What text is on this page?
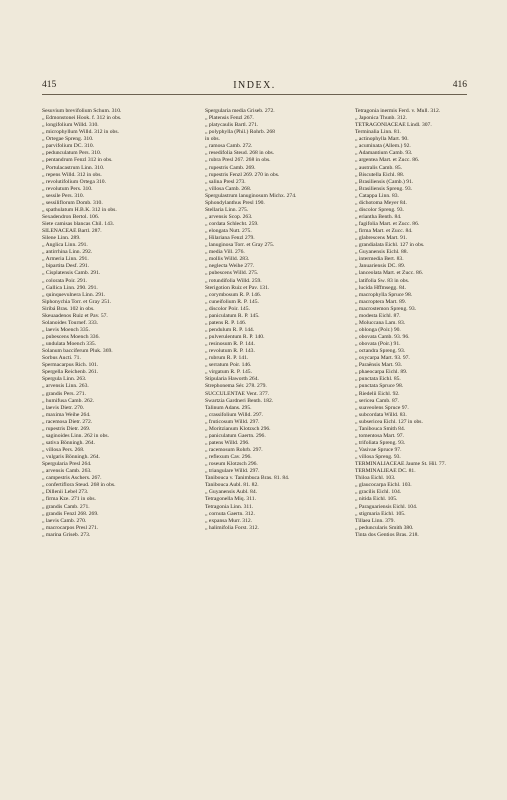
415	INDEX.	416
Sesuvium brevifolium Schum. 310.
„ Edmonstonei Hook. f. 312 in obs.
„ longifolium Willd. 310.
„ microphyllum Willd. 312 in obs.
„ Ortegae Spreng. 310.
„ parvifolium DC. 310.
„ pedunculatum Pers. 310.
„ pentandrum Fenzl 312 in obs.
„ Portulacastrum Linn. 310.
„ repens Willd. 312 in obs.
„ revolutifolium Ortega 310.
„ revolutum Pers. 310.
„ sessile Pers. 310.
„ sessiliflorum Domb. 310.
„ spathulatum H.B.K. 312 in obs.
Sexadendron Bertol. 106.
Siete camisas blancas Chil. 143.
SILENACEAE Bartl. 287.
Silene Linn. 289.
„ Anglica Linn. 291.
„ antirrhina Linn. 292.
„ Armeria Linn. 291.
„ bipartita Desf. 291.
„ Cisplatensis Camb. 291.
„ colorata Poir. 291.
„ Gallica Linn. 290. 291.
„ quinquevulnera Linn. 291.
Siphonychia Torr. et Gray 251.
Siribá Bras. 102 in obs.
Skeuaadenos Ruiz et Pav. 57.
Solanoides Tournef. 333.
„ laevis Moench 335.
„ pubescens Moench 336.
„ undulata Moench 335.
Solanum bacciferum Pluk. 369.
Sorbus Aucti. 71.
Spermacarpus Rich. 101.
Spergella Reichenb. 261.
Spergula Linn. 263.
„ arvensis Linn. 263.
„ grandis Pers. 271.
„ humifusa Camb. 262.
„ laevis Dietr. 270.
„ maxima Weihe 264.
„ racemosa Dietr. 272.
„ rupestris Dietr. 269.
„ saginoides Linn. 262 in obs.
„ sativa Bönningh. 264.
„ villosa Pers. 268.
„ vulgaris Bönningh. 264.
Spergularia Presl 264.
„ arvensis Camb. 263.
„ campestris Aschers. 267.
„ confertiflora Steud. 268 in obs.
„ Dillenii Lebel 273.
„ firma Kze. 271 in obs.
„ grandis Camb. 271.
„ grandis Fenzl 268. 269.
„ laevis Camb. 270.
„ macrocarpos Presl 271.
„ marina Griseb. 273.
Spergularia media Griseb. 272.
„ Platensis Fenzl 267.
„ platycaulis Bartl. 271.
„ polyphylla (Phil.) Rohrb. 268
in obs.
„ ramosa Camb. 272.
„ resedifolia Steud. 268 in obs.
„ rubra Presl 267. 268 in obs.
„ rupestris Camb. 269.
„ rupestris Fenzl 269. 270 in obs.
„ salina Presl 273.
„ villosa Camb. 268.
Spergulastrum lanuginosum Michx. 274.
Sphondylanthus Presl 190.
Stellaria Linn. 275.
„ arvensis Scop. 263.
„ cordata Schlecht. 259.
„ elongata Nutt. 275.
„ Hilariana Fenzl 279.
„ lanuginosa Torr. et Gray 275.
„ media Vill. 276.
„ mollis Willd. 283.
„ neglecta Weihe 277.
„ pubescens Willd. 275.
„ rotundifolia Willd. 259.
Sterigotion Ruiz et Pav. 131.
„ corymbosum R. P. 146.
„ cuneifolium R. P. 145.
„ discolor Poir. 145.
„ paniculatum R. P. 145.
„ patens R. P. 146.
„ pendulum R. P. 144.
„ pulverulentum R. P. 140.
„ resinosum R. P. 144.
„ revolutum R. P. 143.
„ rubrum R. P. 141.
„ serratum Poir. 146.
„ virgatum R. P. 145.
Stipularia Haworth 264.
Strephonema Sér. 278. 279.
SUCCULENTAE Vent. 377.
Swartzia Gardneri Benth. 182.
Talinum Adans. 295.
„ crassifolium Willd. 297.
„ fruticosum Willd. 297.
„ Moritzianum Klotzsch 296.
„ paniculatum Gaertn. 296.
„ patens Willd. 296.
„ racemosum Rohrb. 297.
„ reflexum Cav. 296.
„ roseum Klotzsch 296.
„ triangulare Willd. 297.
Tanibouca v. Tanimbuca Bras. 81. 84.
Tanibouca Aubl. 81. 82.
„ Guyanensis Aubl. 84.
Tetragonella Miq. 311.
Tetragonia Linn. 311.
„ cornuta Gaertn. 312.
„ expansa Murr. 312.
„ halimifolia Forst. 312.
Tetragonia inermis Ferd. v. Mull. 312.
„ Japonica Thunb. 312.
TETRAGONIACEAE Lindl. 307.
Terminalia Linn. 81.
„ actinophylla Mart. 90.
„ acuminata (Allem.) 92.
„ Adamantium Camb. 93.
„ argentea Mart. et Zucc. 86.
„ australis Camb. 85.
„ Biscutella Eichl. 88.
„ Brasiliensis (Camb.) 91.
„ Brasiliensis Spreng. 93.
„ Catappa Linn. 83.
„ dichotoma Meyer 84.
„ discolor Spreng. 93.
„ eriantha Benth. 84.
„ fagifolia Mart. et Zucc. 86.
„ firma Mart. et Zucc. 84.
„ glabrescens Mart. 91.
„ grandialata Eichl. 127 in obs.
„ Guyanensis Eichl. 88.
„ intermedia Bert. 83.
„ Januariensis DC. 89.
„ lanceolata Mart. et Zucc. 86.
„ latifolia Sw. 83 in obs.
„ lucida Hffmsegg. 84.
„ macrophylla Spruce 98.
„ macroptera Mart. 89.
„ macrostemon Spreng. 93.
„ modesta Eichl. 87.
„ Moluccana Lam. 83.
„ oblonga (Poir.) 90.
„ obovata Camb. 93. 96.
„ obovata (Poir.) 91.
„ octandra Spreng. 93.
„ oxycarpa Mart. 93. 97.
„ Paraënsis Mart. 93.
„ phaeocarpa Eichl. 89.
„ punctata Eichl. 85.
„ punctata Spruce 98.
„ Riedelii Eichl. 92.
„ sericea Camb. 87.
„ suaveolens Spruce 97.
„ subcordata Willd. 83.
„ subsericea Eichl. 127 in obs.
„ Tanibouca Smith 84.
„ tomentosa Mart. 97.
„ trifoliata Spreng. 93.
„ Vasivae Spruce 97.
„ villosa Spreng. 93.
TERMINALIACEAE Jaume St. Hil. 77.
TERMINALIEAE DC. 81.
Thiloa Eichl. 103.
„ glaucocarpa Eichl. 103.
„ gracilis Eichl. 104.
„ nitida Eichl. 105.
„ Paraguariensis Eichl. 104.
„ stigmaria Eichl. 105.
Tillaea Linn. 379.
„ peduncularis Smith 380.
Tinta dos Gentios Bras. 218.
